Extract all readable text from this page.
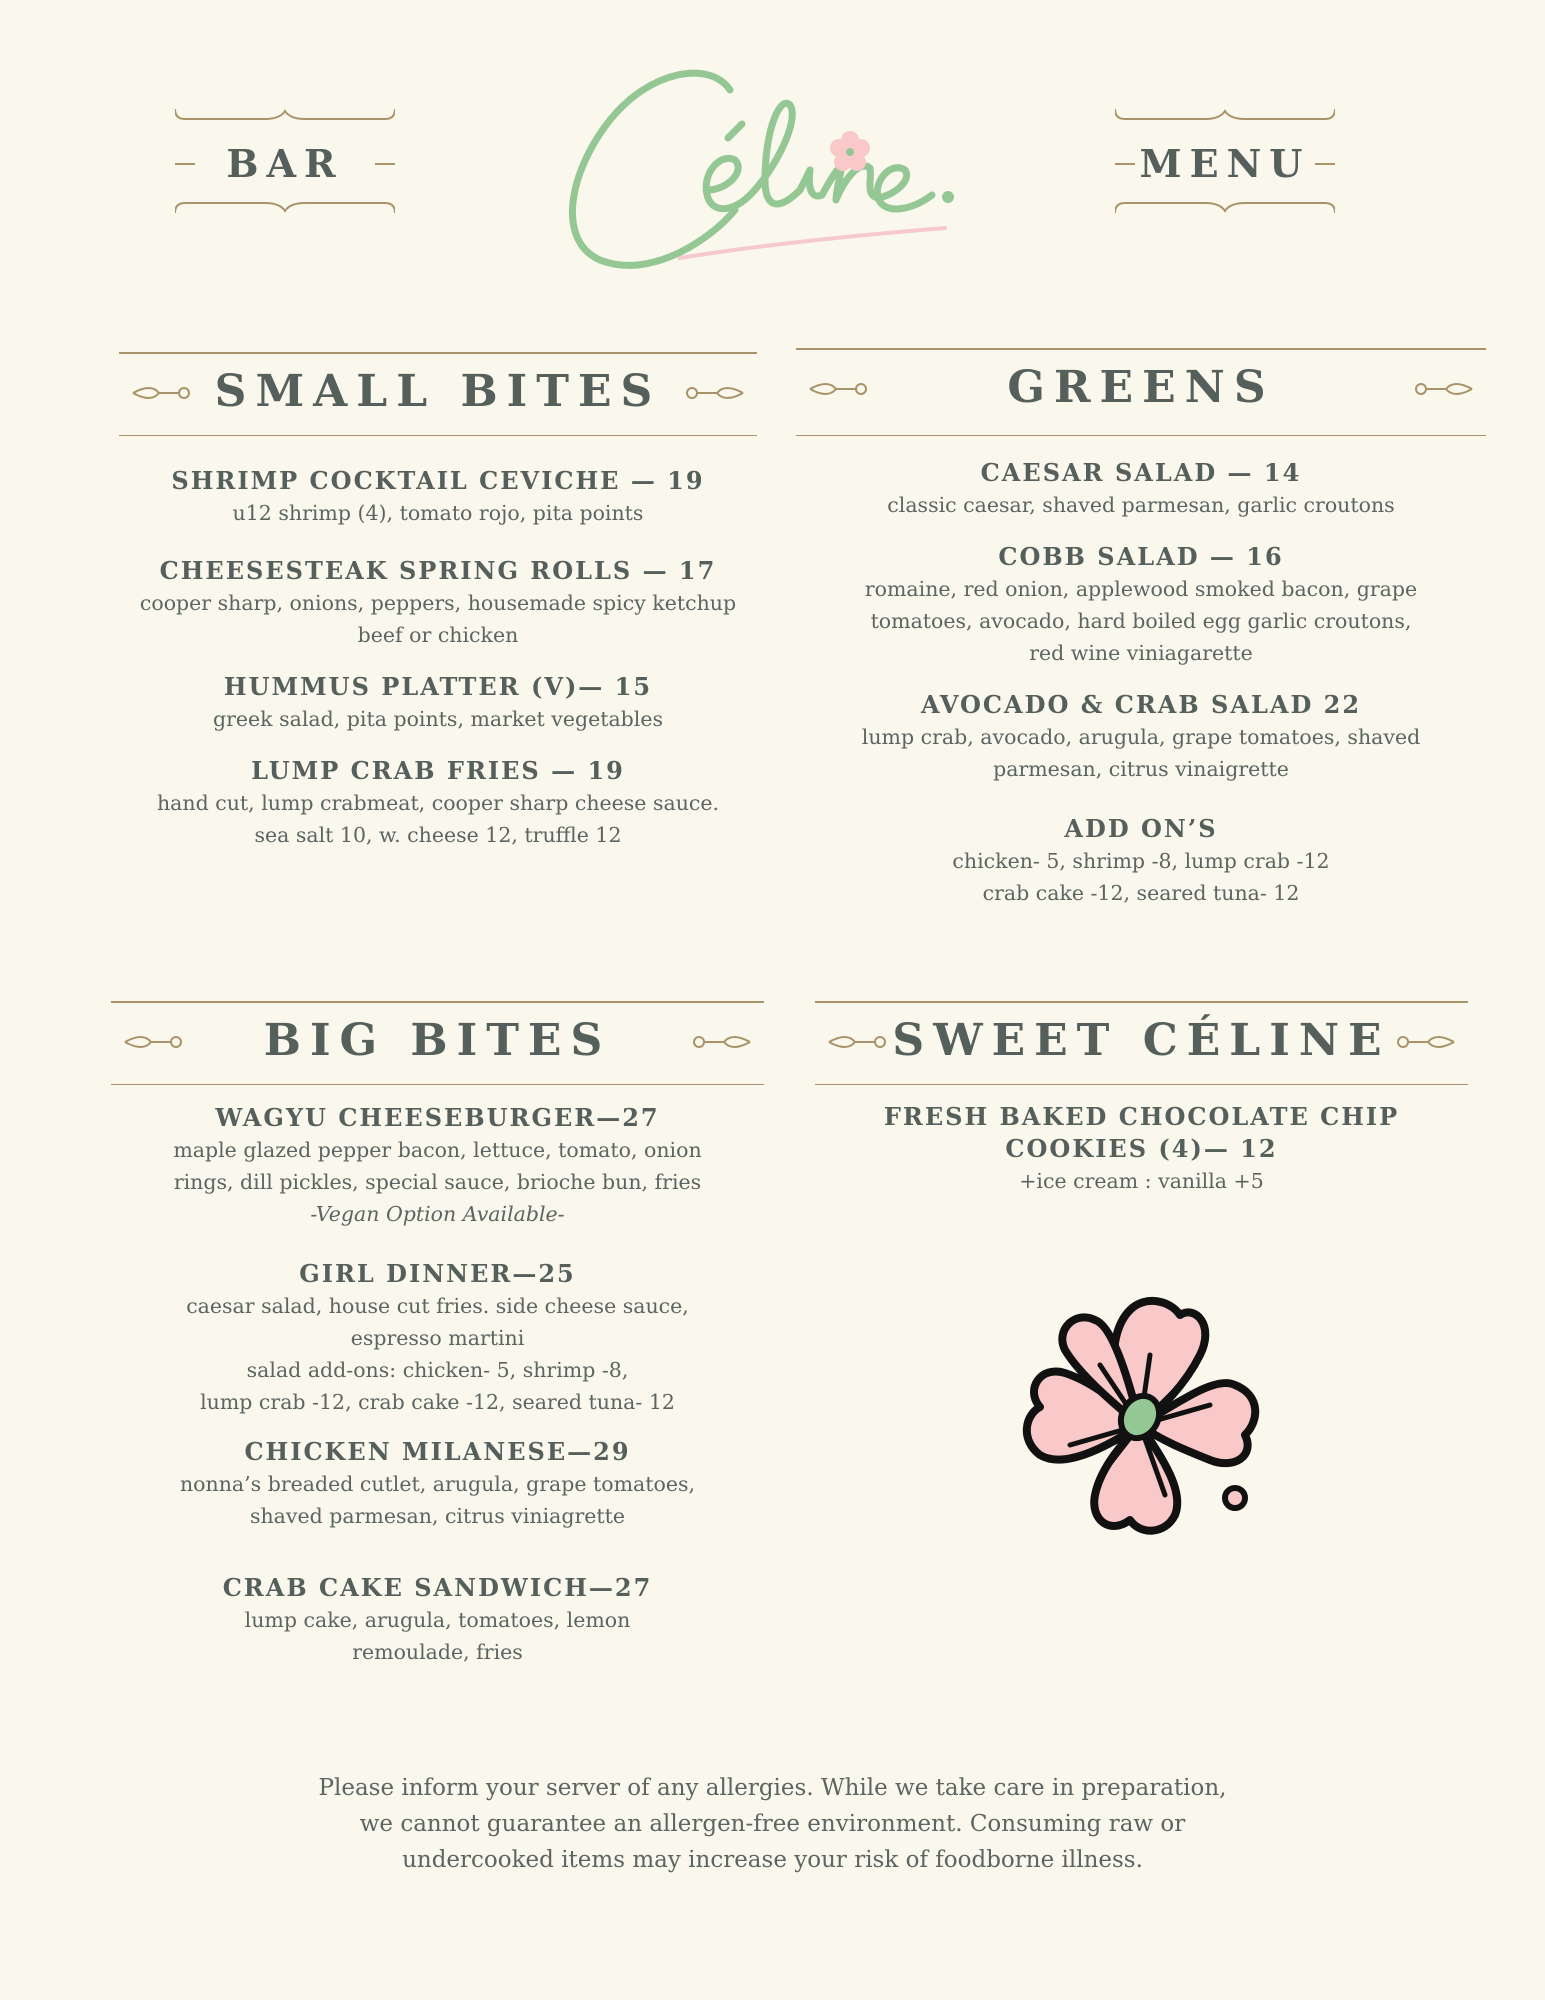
BAR	MENU
SMALL BITES
SHRIMP COCKTAIL CEVICHE — 19
u12 shrimp (4), tomato rojo, pita points
CHEESESTEAK SPRING ROLLS — 17
cooper sharp, onions, peppers, housemade spicy ketchup
beef or chicken
HUMMUS PLATTER (V)— 15
greek salad, pita points, market vegetables
LUMP CRAB FRIES — 19
hand cut, lump crabmeat, cooper sharp cheese sauce.
sea salt 10, w. cheese 12, truffle 12
GREENS
CAESAR SALAD — 14
classic caesar, shaved parmesan, garlic croutons
COBB SALAD — 16
romaine, red onion, applewood smoked bacon, grape
tomatoes, avocado, hard boiled egg garlic croutons,
red wine viniagarette
AVOCADO & CRAB SALAD 22
lump crab, avocado, arugula, grape tomatoes, shaved
parmesan, citrus vinaigrette
ADD ON’S
chicken- 5, shrimp -8, lump crab -12
crab cake -12, seared tuna- 12
BIG BITES
WAGYU CHEESEBURGER—27
maple glazed pepper bacon, lettuce, tomato, onion
rings, dill pickles, special sauce, brioche bun, fries
-Vegan Option Available-
GIRL DINNER—25
caesar salad, house cut fries. side cheese sauce,
espresso martini
salad add-ons: chicken- 5, shrimp -8,
lump crab -12, crab cake -12, seared tuna- 12
CHICKEN MILANESE—29
nonna’s breaded cutlet, arugula, grape tomatoes,
shaved parmesan, citrus viniagrette
CRAB CAKE SANDWICH—27
lump cake, arugula, tomatoes, lemon
remoulade, fries
SWEET CÉLINE
FRESH BAKED CHOCOLATE CHIP
COOKIES (4)— 12
+ice cream : vanilla +5
Please inform your server of any allergies. While we take care in preparation, we cannot guarantee an allergen-free environment. Consuming raw or undercooked items may increase your risk of foodborne illness.
